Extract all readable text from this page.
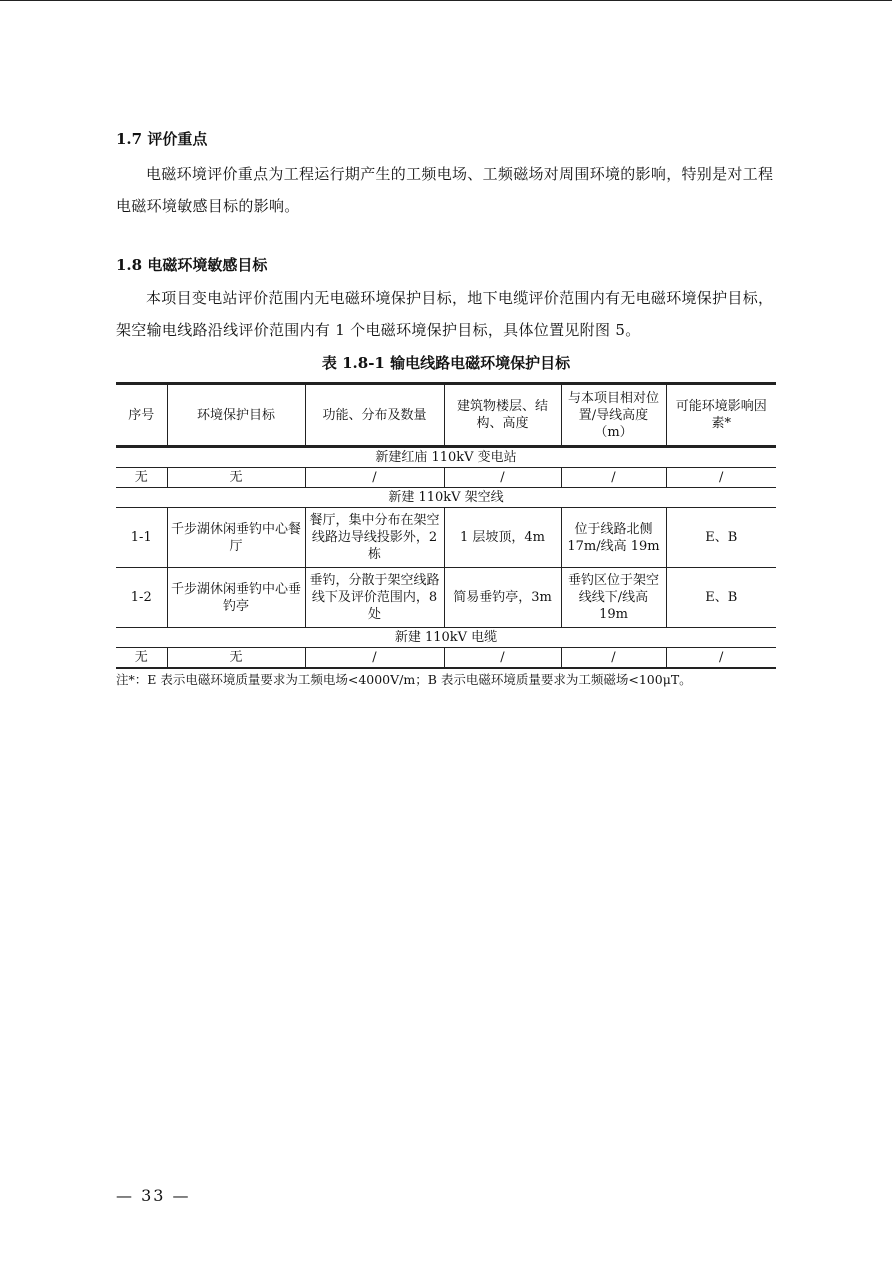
1.7 评价重点

电磁环境评价重点为工程运行期产生的工频电场、工频磁场对周围环境的影响，特别是对工程电磁环境敏感目标的影响。

1.8 电磁环境敏感目标

本项目变电站评价范围内无电磁环境保护目标，地下电缆评价范围内有无电磁环境保护目标，架空输电线路沿线评价范围内有 1 个电磁环境保护目标，具体位置见附图 5。

表 1.8-1 输电线路电磁环境保护目标
序号	环境保护目标	功能、分布及数量	建筑物楼层、结构、高度	与本项目相对位置/导线高度（m）	可能环境影响因素*
新建红庙 110kV 变电站					
无	无	/	/	/	/
新建 110kV 架空线					
1-1	千步湖休闲垂钓中心餐厅	餐厅，集中分布在架空线路边导线投影外，2 栋	1 层坡顶，4m	位于线路北侧 17m/线高 19m	E、B
1-2	千步湖休闲垂钓中心垂钓亭	垂钓，分散于架空线路线下及评价范围内，8 处	简易垂钓亭，3m	垂钓区位于架空线线下/线高 19m	E、B
新建 110kV 电缆					
无	无	/	/	/	/

注*：E 表示电磁环境质量要求为工频电场<4000V/m；B 表示电磁环境质量要求为工频磁场<100μT。

— 33 —
